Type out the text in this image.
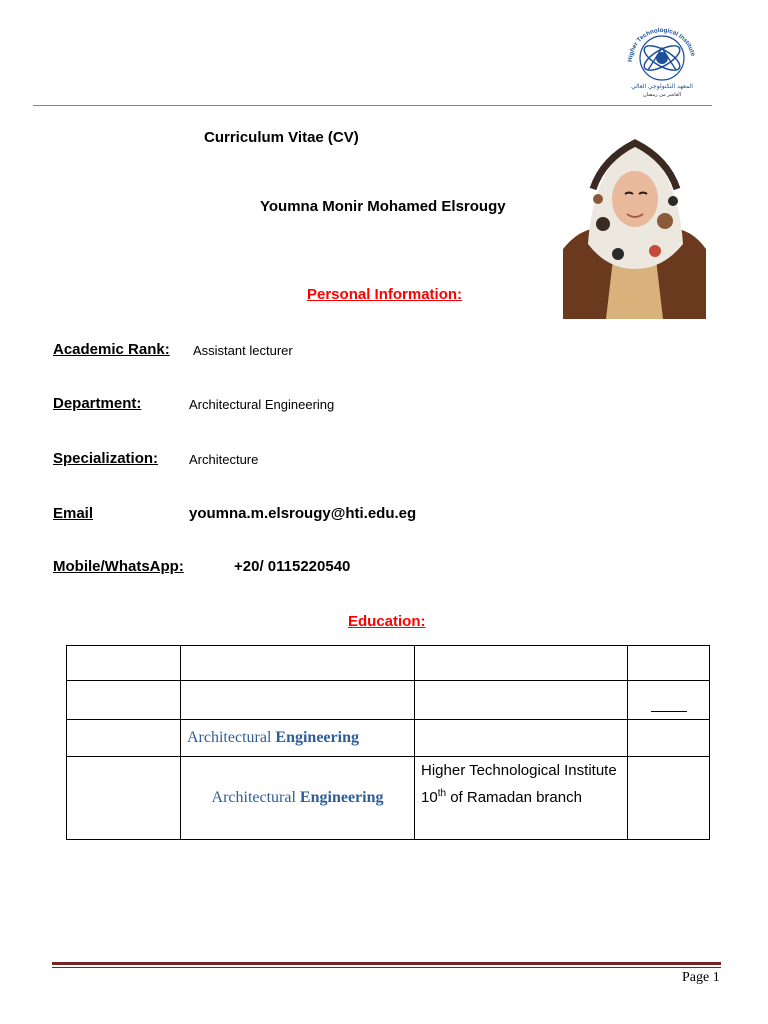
Higher Technological Institute
المعهد التكنولوجي العالي
العاشر من رمضان
Curriculum Vitae (CV)
Youmna Monir Mohamed Elsrougy
Personal Information:
Academic Rank: Assistant lecturer
Department:	Architectural Engineering
Specialization: Architecture
Email	youmna.m.elsrougy@hti.edu.eg
Mobile/WhatsApp:	+20/ 0115220540
Education:

	Architectural Engineering		
	Architectural Engineering	Higher Technological Institute 10th of Ramadan branch	
Page 1
